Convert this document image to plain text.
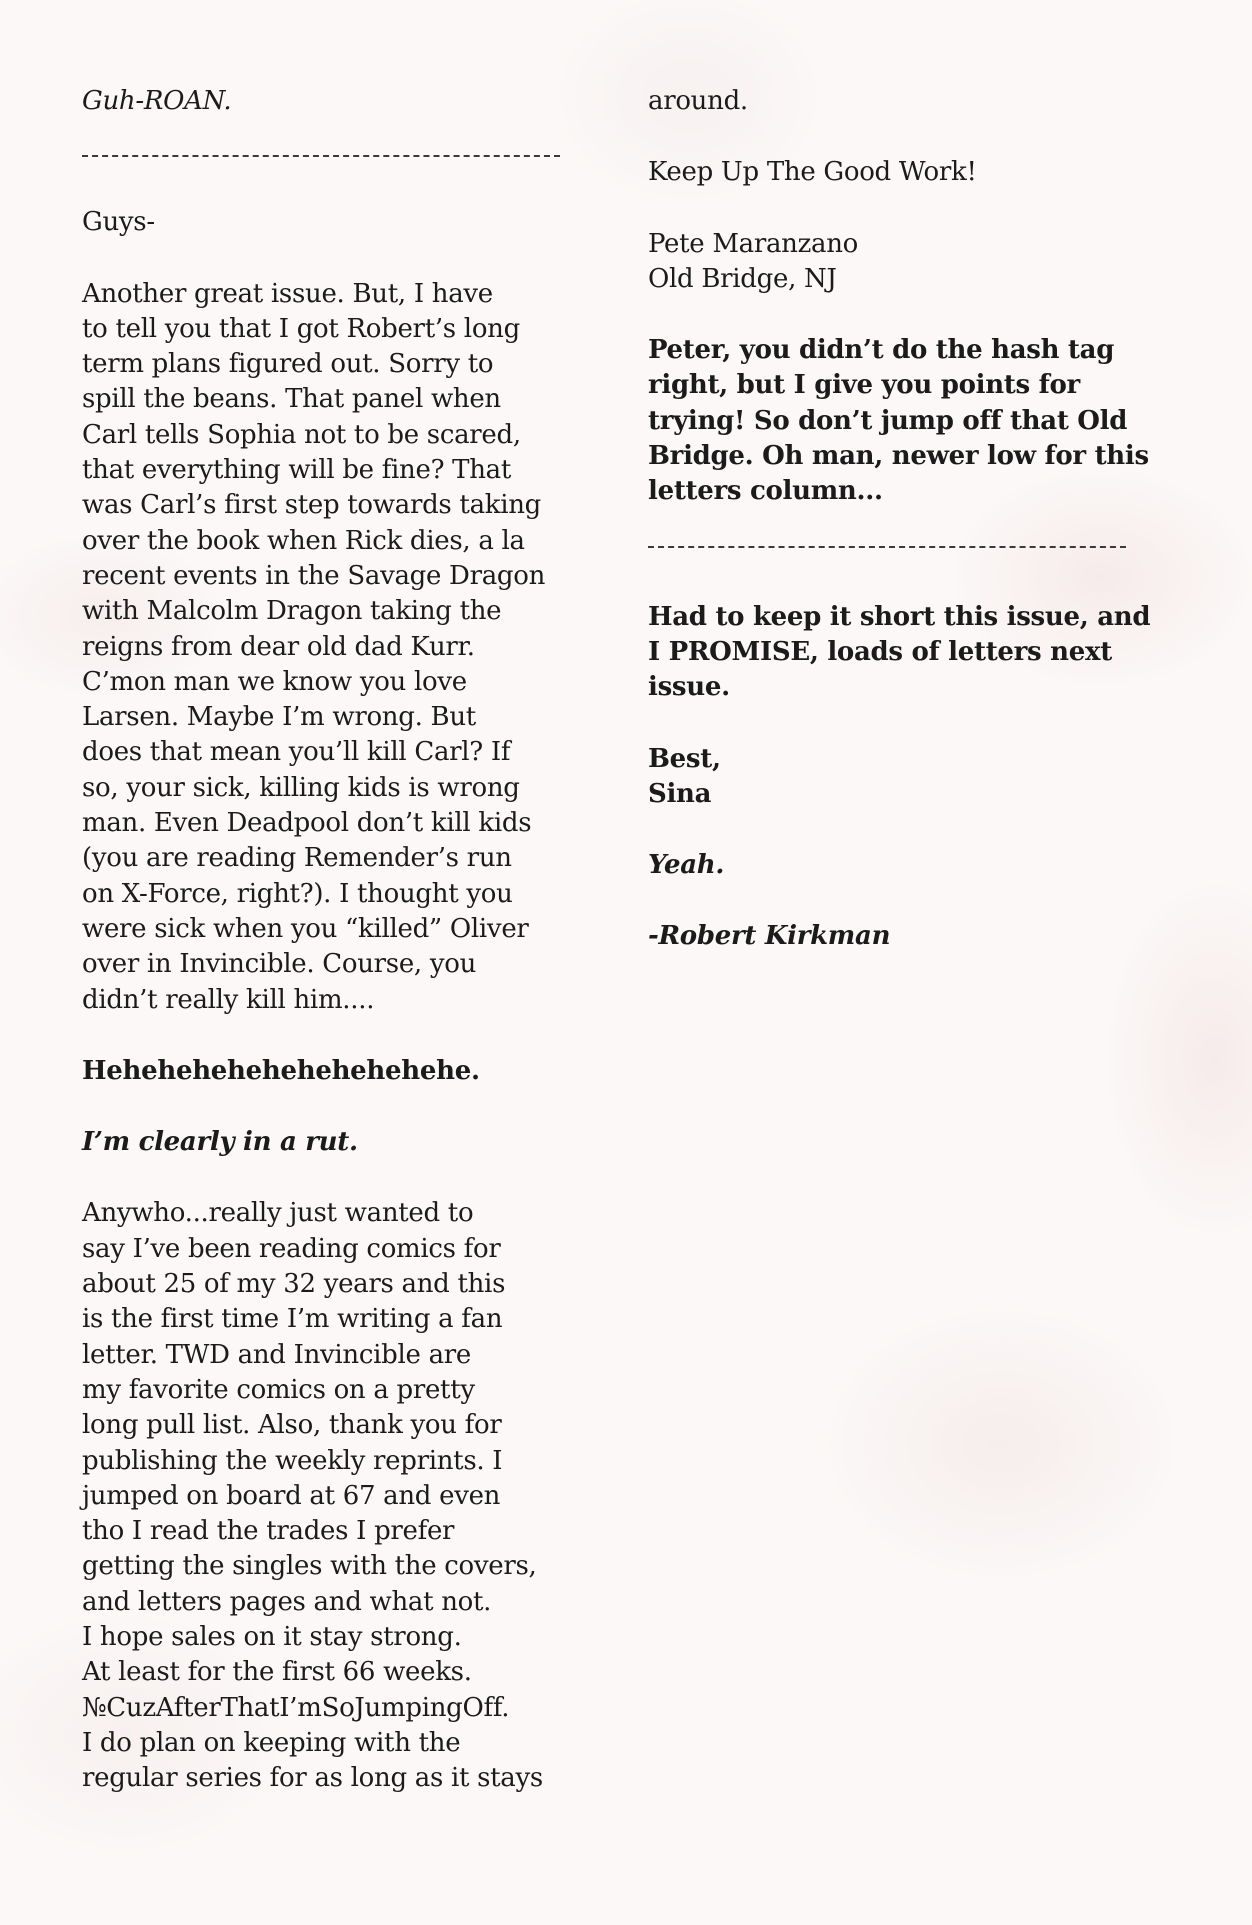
Guh-ROAN.

Guys-

Another great issue. But, I have
to tell you that I got Robert’s long
term plans figured out. Sorry to
spill the beans. That panel when
Carl tells Sophia not to be scared,
that everything will be fine? That
was Carl’s first step towards taking
over the book when Rick dies, a la
recent events in the Savage Dragon
with Malcolm Dragon taking the
reigns from dear old dad Kurr.
C’mon man we know you love
Larsen. Maybe I’m wrong. But
does that mean you’ll kill Carl? If
so, your sick, killing kids is wrong
man. Even Deadpool don’t kill kids
(you are reading Remender’s run
on X-Force, right?). I thought you
were sick when you “killed” Oliver
over in Invincible. Course, you
didn’t really kill him....

Hehehehehehehehehehehe.

I’m clearly in a rut.

Anywho...really just wanted to
say I’ve been reading comics for
about 25 of my 32 years and this
is the first time I’m writing a fan
letter. TWD and Invincible are
my favorite comics on a pretty
long pull list. Also, thank you for
publishing the weekly reprints. I
jumped on board at 67 and even
tho I read the trades I prefer
getting the singles with the covers,
and letters pages and what not.
I hope sales on it stay strong.
At least for the first 66 weeks.
№CuzAfterThatI’mSoJumpingOff.
I do plan on keeping with the
regular series for as long as it stays

around.

Keep Up The Good Work!

Pete Maranzano
Old Bridge, NJ

Peter, you didn’t do the hash tag
right, but I give you points for
trying! So don’t jump off that Old
Bridge. Oh man, newer low for this
letters column...

Had to keep it short this issue, and
I PROMISE, loads of letters next
issue.

Best,
Sina

Yeah.

-Robert Kirkman
